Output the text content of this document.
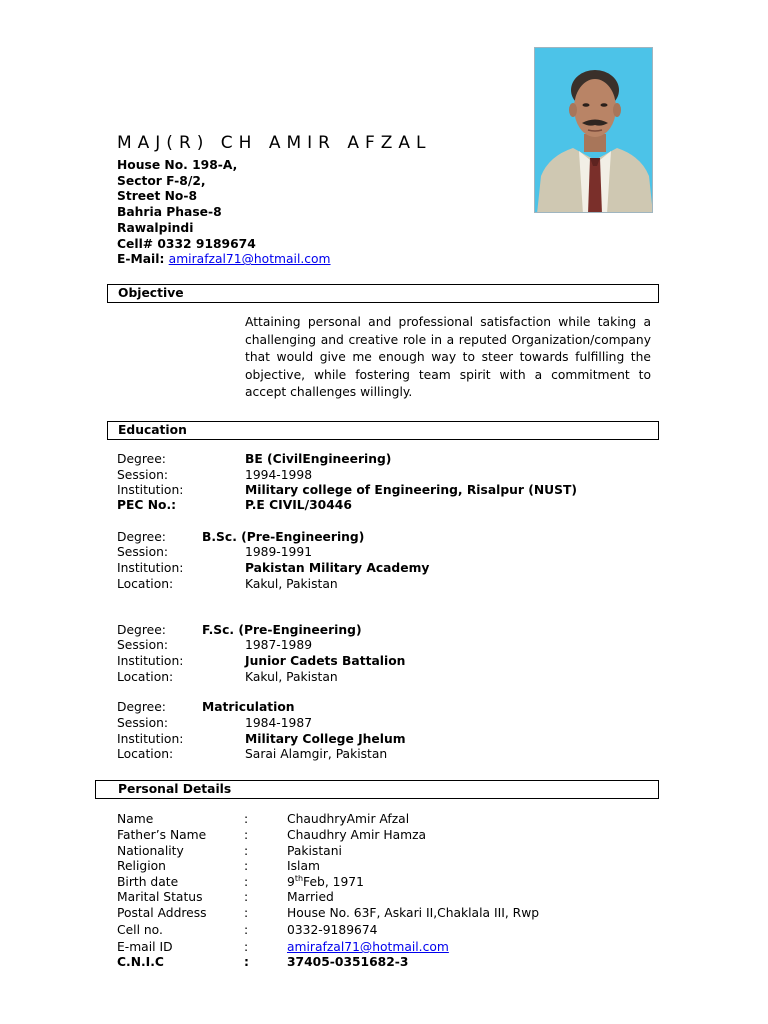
MAJ(R) CH AMIR AFZAL
House No. 198-A,
Sector F-8/2,
Street No-8
Bahria Phase-8
Rawalpindi
Cell# 0332 9189674
E-Mail: amirafzal71@hotmail.com
Objective
Attaining personal and professional satisfaction while taking a challenging and creative role in a reputed Organization/company that would give me enough way to steer towards fulfilling the objective, while fostering team spirit with a commitment to accept challenges willingly.
Education
Degree:	BE (CivilEngineering)
Session:	1994-1998
Institution:	Military college of Engineering, Risalpur (NUST)
PEC No.:	P.E CIVIL/30446
Degree:	B.Sc. (Pre-Engineering)
Session:	1989-1991
Institution:	Pakistan Military Academy
Location:	Kakul, Pakistan
Degree:	F.Sc. (Pre-Engineering)
Session:	1987-1989
Institution:	Junior Cadets Battalion
Location:	Kakul, Pakistan
Degree:	Matriculation
Session:	1984-1987
Institution:	Military College Jhelum
Location:	Sarai Alamgir, Pakistan
Personal Details
Name	:	ChaudhryAmir Afzal
Father’s Name	:	Chaudhry Amir Hamza
Nationality	:	Pakistani
Religion	:	Islam
Birth date	:	9thFeb, 1971
Marital Status	:	Married
Postal Address	:	House No. 63F, Askari II,Chaklala III, Rwp
Cell no.	:	0332-9189674
E-mail ID	:	amirafzal71@hotmail.com
C.N.I.C	:	37405-0351682-3
